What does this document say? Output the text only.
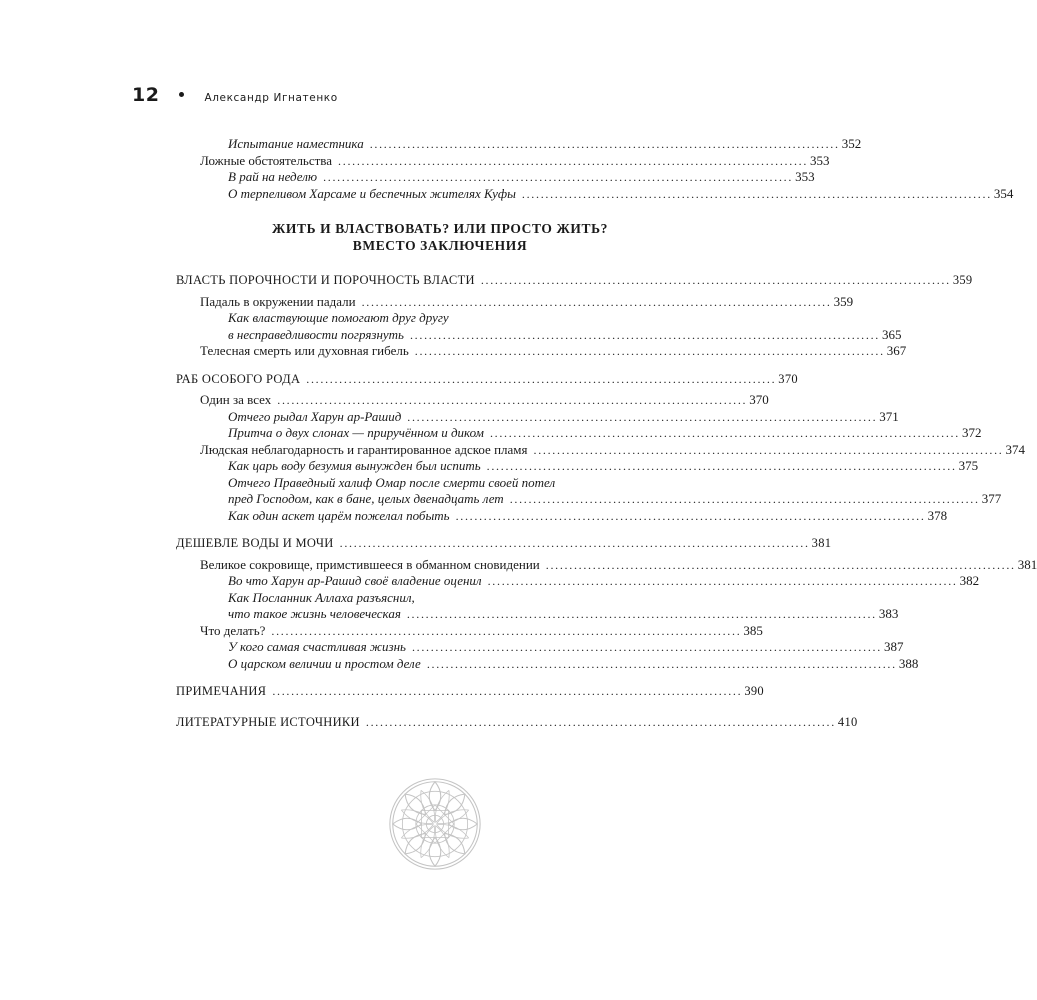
12	Александр Игнатенко
Испытание наместника .................................................................................................... 352
Ложные обстоятельства .................................................................................................... 353
В рай на неделю .................................................................................................... 353
О терпеливом Харсаме и беспечных жителях Куфы .................................................................................................... 354
ЖИТЬ И ВЛАСТВОВАТЬ? ИЛИ ПРОСТО ЖИТЬ?
ВМЕСТО ЗАКЛЮЧЕНИЯ
ВЛАСТЬ ПОРОЧНОСТИ И ПОРОЧНОСТЬ ВЛАСТИ .................................................................................................... 359
Падаль в окружении падали .................................................................................................... 359
Как властвующие помогают друг другу
в несправедливости погрязнуть .................................................................................................... 365
Телесная смерть или духовная гибель .................................................................................................... 367
РАБ ОСОБОГО РОДА .................................................................................................... 370
Один за всех .................................................................................................... 370
Отчего рыдал Харун ар-Рашид .................................................................................................... 371
Притча о двух слонах — приручённом и диком .................................................................................................... 372
Людская неблагодарность и гарантированное адское пламя .................................................................................................... 374
Как царь воду безумия вынужден был испить .................................................................................................... 375
Отчего Праведный халиф Омар после смерти своей потел
пред Господом, как в бане, целых двенадцать лет .................................................................................................... 377
Как один аскет царём пожелал побыть .................................................................................................... 378
ДЕШЕВЛЕ ВОДЫ И МОЧИ .................................................................................................... 381
Великое сокровище, примстившееся в обманном сновидении .................................................................................................... 381
Во что Харун ар-Рашид своё владение оценил .................................................................................................... 382
Как Посланник Аллаха разъяснил,
что такое жизнь человеческая .................................................................................................... 383
Что делать? .................................................................................................... 385
У кого самая счастливая жизнь .................................................................................................... 387
О царском величии и простом деле .................................................................................................... 388
ПРИМЕЧАНИЯ .................................................................................................... 390
ЛИТЕРАТУРНЫЕ ИСТОЧНИКИ .................................................................................................... 410
